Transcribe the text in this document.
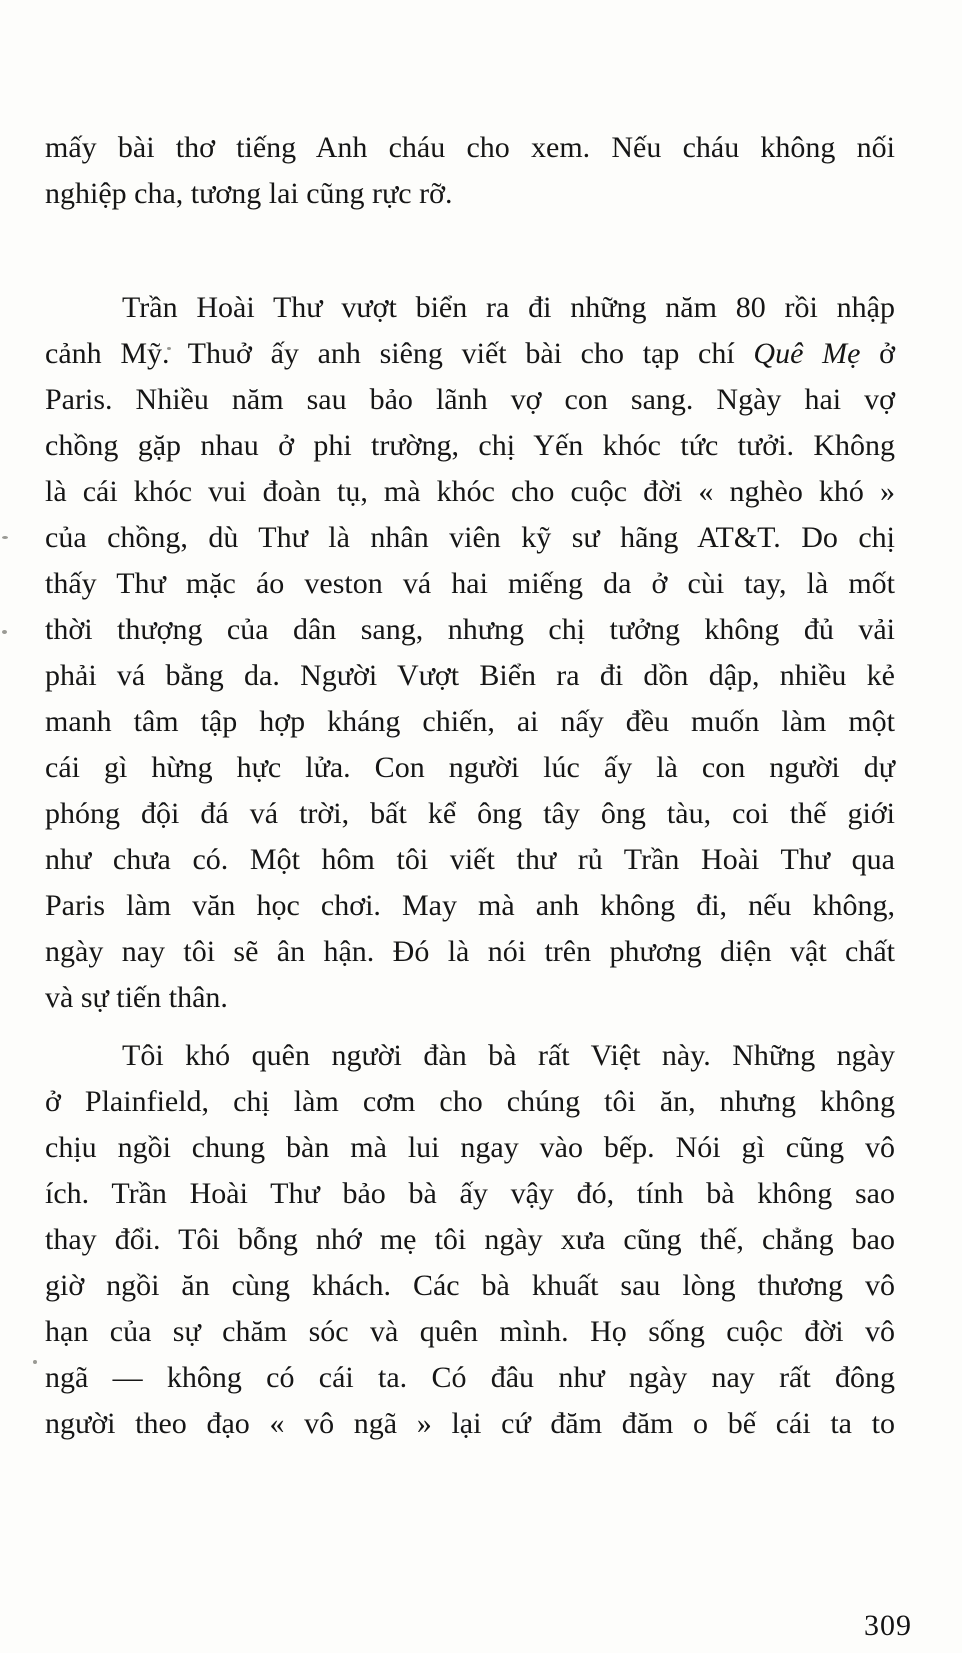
mấy bài thơ tiếng Anh cháu cho xem. Nếu cháu không nối
nghiệp cha, tương lai cũng rực rỡ.
Trần Hoài Thư vượt biển ra đi những năm 80 rồi nhập
cảnh Mỹ. Thuở ấy anh siêng viết bài cho tạp chí Quê Mẹ ở
Paris. Nhiều năm sau bảo lãnh vợ con sang. Ngày hai vợ
chồng gặp nhau ở phi trường, chị Yến khóc tức tưởi. Không
là cái khóc vui đoàn tụ, mà khóc cho cuộc đời « nghèo khó »
của chồng, dù Thư là nhân viên kỹ sư hãng AT&T. Do chị
thấy Thư mặc áo veston vá hai miếng da ở cùi tay, là mốt
thời thượng của dân sang, nhưng chị tưởng không đủ vải
phải vá bằng da. Người Vượt Biển ra đi dồn dập, nhiều kẻ
manh tâm tập hợp kháng chiến, ai nấy đều muốn làm một
cái gì hừng hực lửa. Con người lúc ấy là con người dự
phóng đội đá vá trời, bất kể ông tây ông tàu, coi thế giới
như chưa có. Một hôm tôi viết thư rủ Trần Hoài Thư qua
Paris làm văn học chơi. May mà anh không đi, nếu không,
ngày nay tôi sẽ ân hận. Đó là nói trên phương diện vật chất
và sự tiến thân.
Tôi khó quên người đàn bà rất Việt này. Những ngày
ở Plainfield, chị làm cơm cho chúng tôi ăn, nhưng không
chịu ngồi chung bàn mà lui ngay vào bếp. Nói gì cũng vô
ích. Trần Hoài Thư bảo bà ấy vậy đó, tính bà không sao
thay đổi. Tôi bỗng nhớ mẹ tôi ngày xưa cũng thế, chẳng bao
giờ ngồi ăn cùng khách. Các bà khuất sau lòng thương vô
hạn của sự chăm sóc và quên mình. Họ sống cuộc đời vô
ngã — không có cái ta. Có đâu như ngày nay rất đông
người theo đạo « vô ngã » lại cứ đăm đăm o bế cái ta to
309
